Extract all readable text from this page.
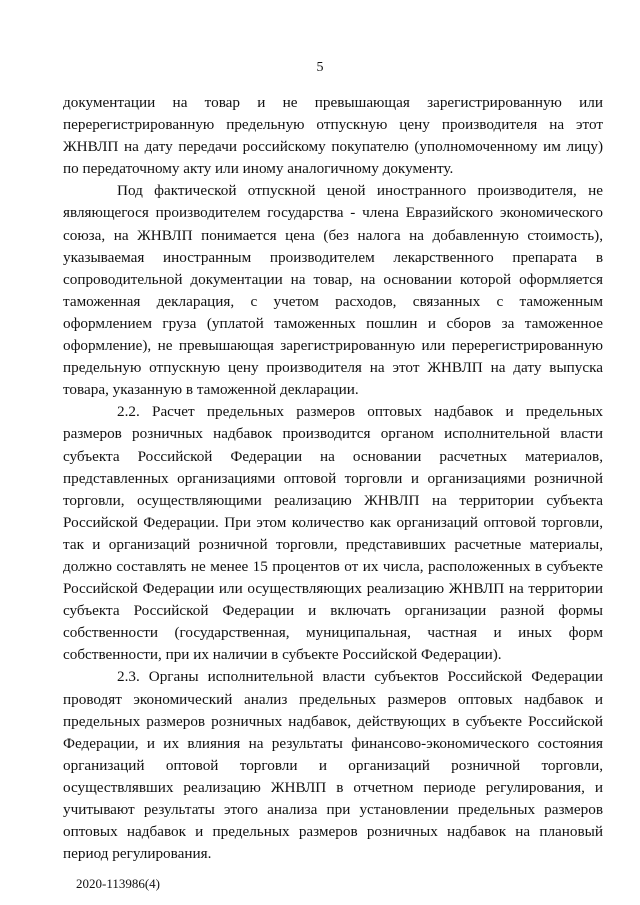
5

документации на товар и не превышающая зарегистрированную или перерегистрированную предельную отпускную цену производителя на этот ЖНВЛП на дату передачи российскому покупателю (уполномоченному им лицу) по передаточному акту или иному аналогичному документу.

Под фактической отпускной ценой иностранного производителя, не являющегося производителем государства - члена Евразийского экономического союза, на ЖНВЛП понимается цена (без налога на добавленную стоимость), указываемая иностранным производителем лекарственного препарата в сопроводительной документации на товар, на основании которой оформляется таможенная декларация, с учетом расходов, связанных с таможенным оформлением груза (уплатой таможенных пошлин и сборов за таможенное оформление), не превышающая зарегистрированную или перерегистрированную предельную отпускную цену производителя на этот ЖНВЛП на дату выпуска товара, указанную в таможенной декларации.

2.2. Расчет предельных размеров оптовых надбавок и предельных размеров розничных надбавок производится органом исполнительной власти субъекта Российской Федерации на основании расчетных материалов, представленных организациями оптовой торговли и организациями розничной торговли, осуществляющими реализацию ЖНВЛП на территории субъекта Российской Федерации. При этом количество как организаций оптовой торговли, так и организаций розничной торговли, представивших расчетные материалы, должно составлять не менее 15 процентов от их числа, расположенных в субъекте Российской Федерации или осуществляющих реализацию ЖНВЛП на территории субъекта Российской Федерации и включать организации разной формы собственности (государственная, муниципальная, частная и иных форм собственности, при их наличии в субъекте Российской Федерации).

2.3. Органы исполнительной власти субъектов Российской Федерации проводят экономический анализ предельных размеров оптовых надбавок и предельных размеров розничных надбавок, действующих в субъекте Российской Федерации, и их влияния на результаты финансово-экономического состояния организаций оптовой торговли и организаций розничной торговли, осуществлявших реализацию ЖНВЛП в отчетном периоде регулирования, и учитывают результаты этого анализа при установлении предельных размеров оптовых надбавок и предельных размеров розничных надбавок на плановый период регулирования.

2020-113986(4)
